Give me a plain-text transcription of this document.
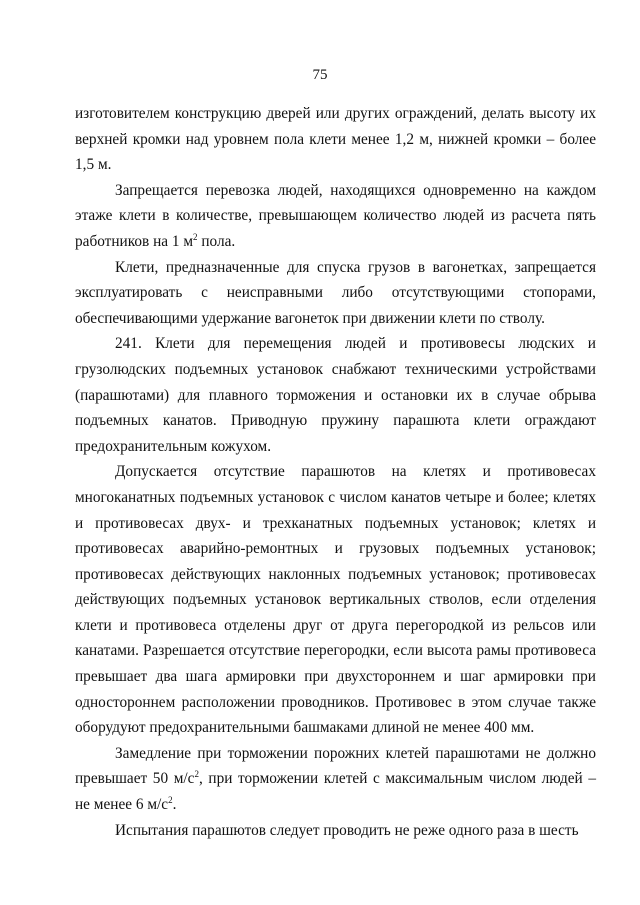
75

изготовителем конструкцию дверей или других ограждений, делать высоту их верхней кромки над уровнем пола клети менее 1,2 м, нижней кромки – более 1,5 м.

Запрещается перевозка людей, находящихся одновременно на каждом этаже клети в количестве, превышающем количество людей из расчета пять работников на 1 $м^2$ пола.

Клети, предназначенные для спуска грузов в вагонетках, запрещается эксплуатировать с неисправными либо отсутствующими стопорами, обеспечивающими удержание вагонеток при движении клети по стволу.

241. Клети для перемещения людей и противовесы людских и грузолюдских подъемных установок снабжают техническими устройствами (парашютами) для плавного торможения и остановки их в случае обрыва подъемных канатов. Приводную пружину парашюта клети ограждают предохранительным кожухом.

Допускается отсутствие парашютов на клетях и противовесах многоканатных подъемных установок с числом канатов четыре и более; клетях и противовесах двух- и трехканатных подъемных установок; клетях и противовесах аварийно-ремонтных и грузовых подъемных установок; противовесах действующих наклонных подъемных установок; противовесах действующих подъемных установок вертикальных стволов, если отделения клети и противовеса отделены друг от друга перегородкой из рельсов или канатами. Разрешается отсутствие перегородки, если высота рамы противовеса превышает два шага армировки при двухстороннем и шаг армировки при одностороннем расположении проводников. Противовес в этом случае также оборудуют предохранительными башмаками длиной не менее 400 мм.

Замедление при торможении порожних клетей парашютами не должно превышает 50 $м/с^2$, при торможении клетей с максимальным числом людей – не менее 6 $м/с^2$.

Испытания парашютов следует проводить не реже одного раза в шесть
